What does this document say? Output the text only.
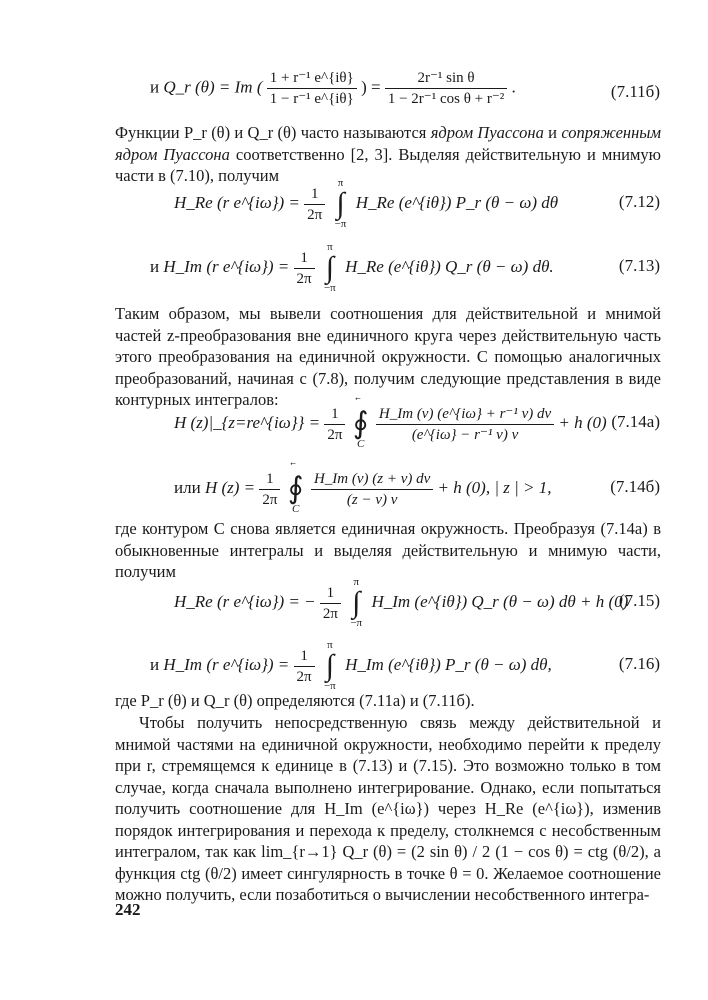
и Q_r (θ) = Im ( $\frac{\text{1 + r⁻¹ e\textasciicircum{}\{iθ\}}}{\text{1 − r⁻¹ e\textasciicircum{}\{iθ\}}}$ ) = $\frac{\text{2r⁻¹ sin θ}}{\text{1 − 2r⁻¹ cos θ + r⁻²}}$ .	(7.11б)
Функции P_r (θ) и Q_r (θ) часто называются ядром Пуассона и сопряженным ядром Пуассона соответственно [2, 3]. Выделяя действительную и мнимую части в (7.10), получим
H_Re (r e^{iω}) = $\frac{1}{2\pi}$

π
∫
−π
H_Re (e^{iθ}) P_r (θ − ω) dθ	(7.12)
и H_Im (r e^{iω}) = $\frac{1}{2\pi}$

π
∫
−π
H_Re (e^{iθ}) Q_r (θ − ω) dθ.	(7.13)
Таким образом, мы вывели соотношения для действительной и мнимой частей z-преобразования вне единичного круга через действительную часть этого преобразования на единичной окружности. С помощью аналогичных преобразований, начиная с (7.8), получим следующие представления в виде контурных интегралов:
H (z)|_{z=re^{iω}} = $\frac{1}{2\pi}$
∮
C
$\frac{\text{H\_Im (v) (e\textasciicircum{}\{iω\} + r⁻¹ v) dv}}{\text{(e\textasciicircum{}\{iω\} − r⁻¹ v) v}} + h$ (0) (7.14a)
или H $(z) = \frac{1}{2\pi}$
∮
C
$\frac{H\_Im (v) (z + v) dv}{(z - v) v} + h$ (0), | z | > 1,	(7.14б)
где контуром C снова является единичная окружность. Преобразуя (7.14a) в обыкновенные интегралы и выделяя действительную и мнимую части, получим
H_Re (r e^{iω}) = − $\frac{1}{2\pi}$

π
∫
−π
H_Im (e^{iθ}) Q_r (θ − ω) dθ + h (0)
(7.15)
и H_Im (r e^{iω}) = $\frac{1}{2\pi}$

π
∫
−π
H_Im (e^{iθ}) P_r (θ − ω) dθ,	(7.16)
где P_r (θ) и Q_r (θ) определяются (7.11a) и (7.11б).
Чтобы получить непосредственную связь между действительной и мнимой частями на единичной окружности, необходимо перейти к пределу при r, стремящемся к единице в (7.13) и (7.15). Это возможно только в том случае, когда сначала выполнено интегрирование. Однако, если попытаться получить соотношение для H_Im (e^{iω}) через H_Re (e^{iω}), изменив порядок интегрирования и перехода к пределу, столкнемся с несобственным интегралом, так как lim_{r→1} Q_r (θ) = (2 sin θ) / 2 (1 − cos θ) = ctg (θ/2), а функция ctg (θ/2) имеет сингулярность в точке θ = 0. Желаемое соотношение можно получить, если позаботиться о вычислении несобственного интегра-
242
